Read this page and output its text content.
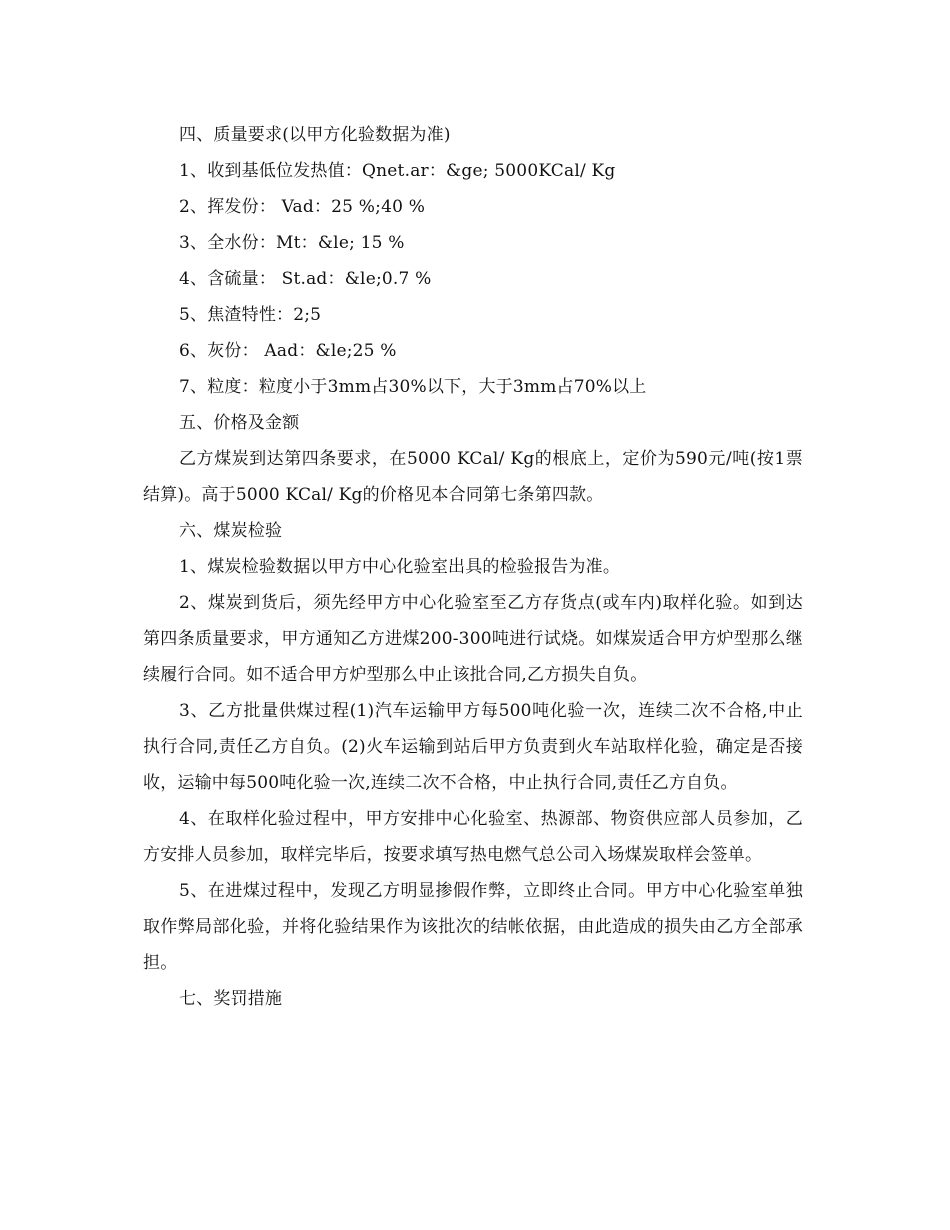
四、质量要求(以甲方化验数据为准)

1、收到基低位发热值：Qnet.ar：&ge; 5000KCal/ Kg

2、挥发份： Vad：25 %;40 %

3、全水份：Mt：&le; 15 %

4、含硫量： St.ad：&le;0.7 %

5、焦渣特性：2;5

6、灰份： Aad：&le;25 %

7、粒度：粒度小于3mm占30%以下，大于3mm占70%以上

五、价格及金额

乙方煤炭到达第四条要求，在5000 KCal/ Kg的根底上，定价为590元/吨(按1票结算)。高于5000 KCal/ Kg的价格见本合同第七条第四款。

六、煤炭检验

1、煤炭检验数据以甲方中心化验室出具的检验报告为准。

2、煤炭到货后，须先经甲方中心化验室至乙方存货点(或车内)取样化验。如到达第四条质量要求，甲方通知乙方进煤200-300吨进行试烧。如煤炭适合甲方炉型那么继续履行合同。如不适合甲方炉型那么中止该批合同,乙方损失自负。

3、乙方批量供煤过程(1)汽车运输甲方每500吨化验一次，连续二次不合格,中止执行合同,责任乙方自负。(2)火车运输到站后甲方负责到火车站取样化验，确定是否接收，运输中每500吨化验一次,连续二次不合格，中止执行合同,责任乙方自负。

4、在取样化验过程中，甲方安排中心化验室、热源部、物资供应部人员参加，乙方安排人员参加，取样完毕后，按要求填写热电燃气总公司入场煤炭取样会签单。

5、在进煤过程中，发现乙方明显掺假作弊，立即终止合同。甲方中心化验室单独取作弊局部化验，并将化验结果作为该批次的结帐依据，由此造成的损失由乙方全部承担。

七、奖罚措施
